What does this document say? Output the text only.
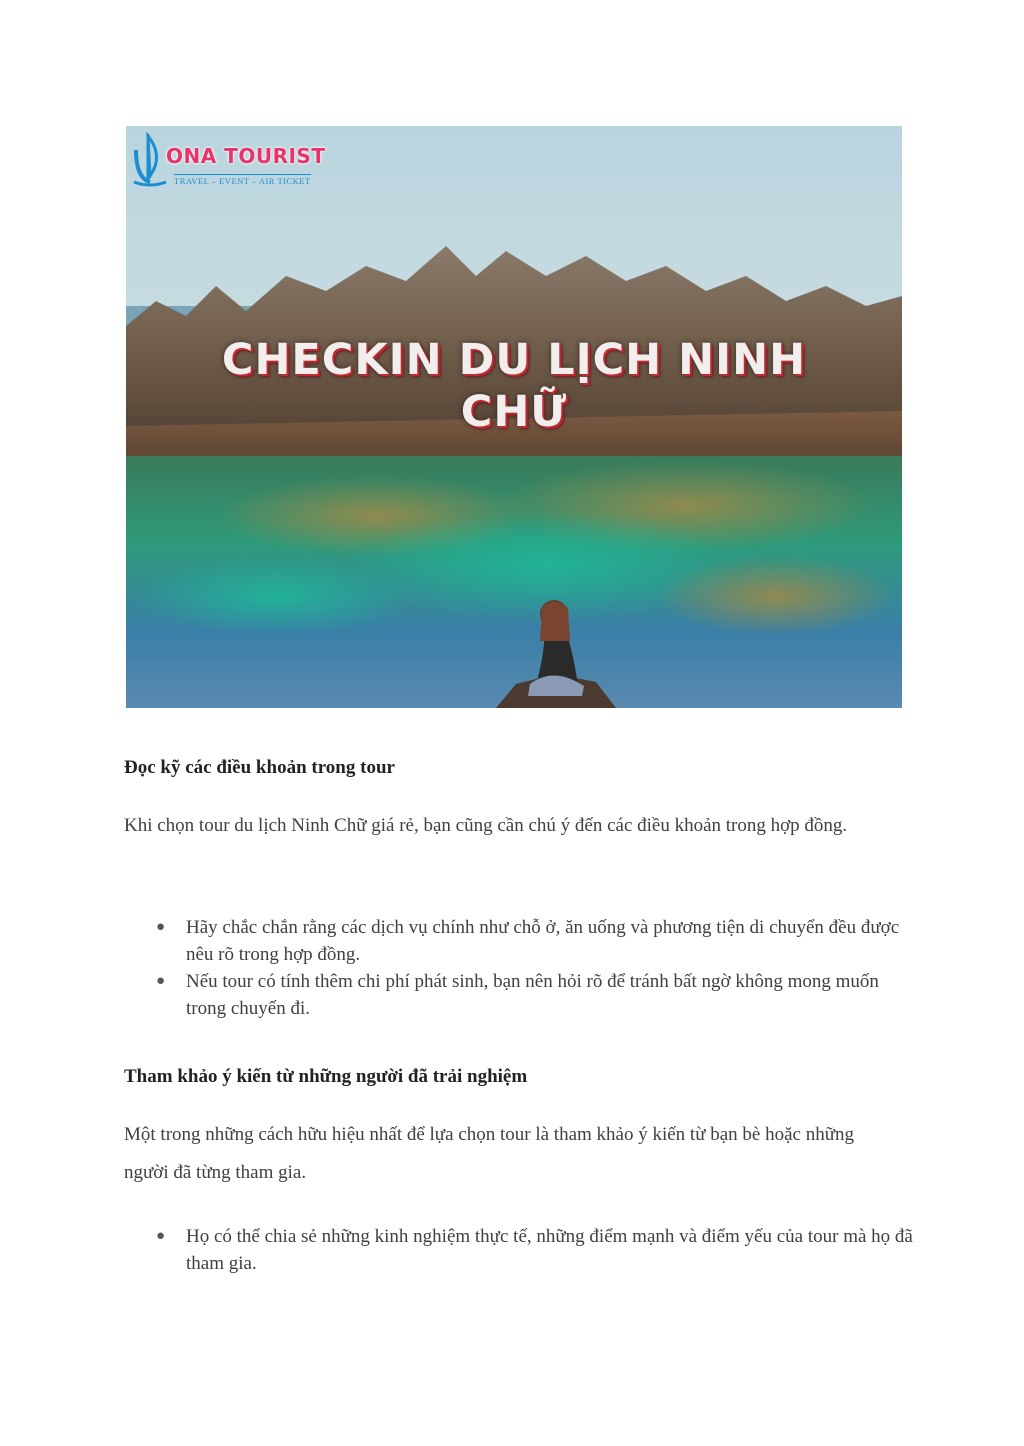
ONA TOURIST
TRAVEL – EVENT – AIR TICKET
CHECKIN DU LỊCH NINH
CHỮ
Đọc kỹ các điều khoản trong tour

Khi chọn tour du lịch Ninh Chữ giá rẻ, bạn cũng cần chú ý đến các điều khoản trong hợp đồng.

● Hãy chắc chắn rằng các dịch vụ chính như chỗ ở, ăn uống và phương tiện di chuyển đều được nêu rõ trong hợp đồng.
● Nếu tour có tính thêm chi phí phát sinh, bạn nên hỏi rõ để tránh bất ngờ không mong muốn trong chuyến đi.
Tham khảo ý kiến từ những người đã trải nghiệm

Một trong những cách hữu hiệu nhất để lựa chọn tour là tham khảo ý kiến từ bạn bè hoặc những người đã từng tham gia.

● Họ có thể chia sẻ những kinh nghiệm thực tế, những điểm mạnh và điểm yếu của tour mà họ đã tham gia.
